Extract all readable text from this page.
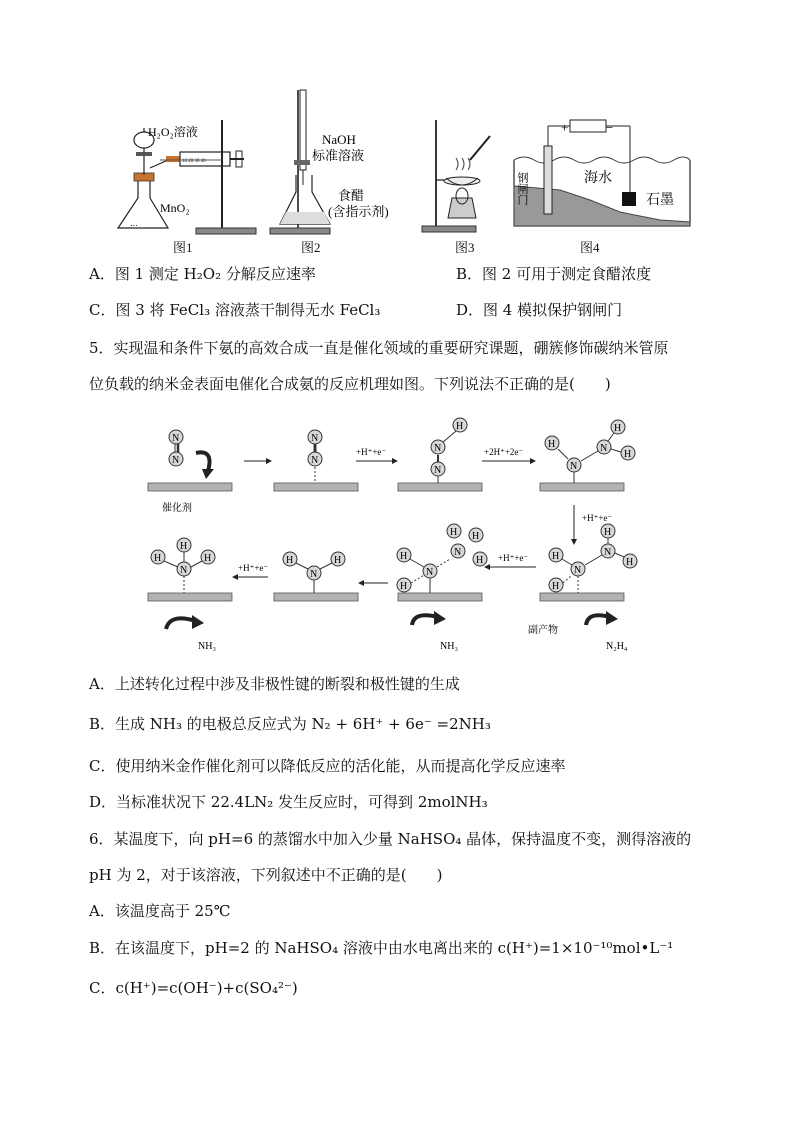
10 20 30 40
H₂O₂溶液
MnO₂
⋯
NaOH
标准溶液
食醋
(含指示剂)
+	−
海水
石墨
钢闸门
图1	图2	图3	图4
A．图 1 测定 H₂O₂ 分解反应速率	B．图 2 可用于测定食醋浓度
C．图 3 将 FeCl₃ 溶液蒸干制得无水 FeCl₃	D．图 4 模拟保护钢闸门
5．实现温和条件下氨的高效合成一直是催化领域的重要研究课题，硼簇修饰碳纳米管原
位负载的纳米金表面电催化合成氨的反应机理如图。下列说法不正确的是(　　)
N
N
N
N
+H⁺+e⁻
H
N
N
+2H⁺+2e⁻
H
N
N
H
H
+H⁺+e⁻
H
N
H
N
H
H
+H⁺+e⁻
H
H
N
N
H H
H
H
N
H
+H⁺+e⁻
H
H
N
H
NH₃	NH₃	N₂H₄
催化剂
副产物
A．上述转化过程中涉及非极性键的断裂和极性键的生成
B．生成 NH₃ 的电极总反应式为 N₂ + 6H⁺ + 6e⁻ =2NH₃
C．使用纳米金作催化剂可以降低反应的活化能，从而提高化学反应速率
D．当标准状况下 22.4LN₂ 发生反应时，可得到 2molNH₃
6．某温度下，向 pH=6 的蒸馏水中加入少量 NaHSO₄ 晶体，保持温度不变，测得溶液的
pH 为 2，对于该溶液，下列叙述中不正确的是(　　)
A．该温度高于 25℃
B．在该温度下，pH=2 的 NaHSO₄ 溶液中由水电离出来的 c(H⁺)=1×10⁻¹⁰mol•L⁻¹
C．c(H⁺)=c(OH⁻)+c(SO₄²⁻)
